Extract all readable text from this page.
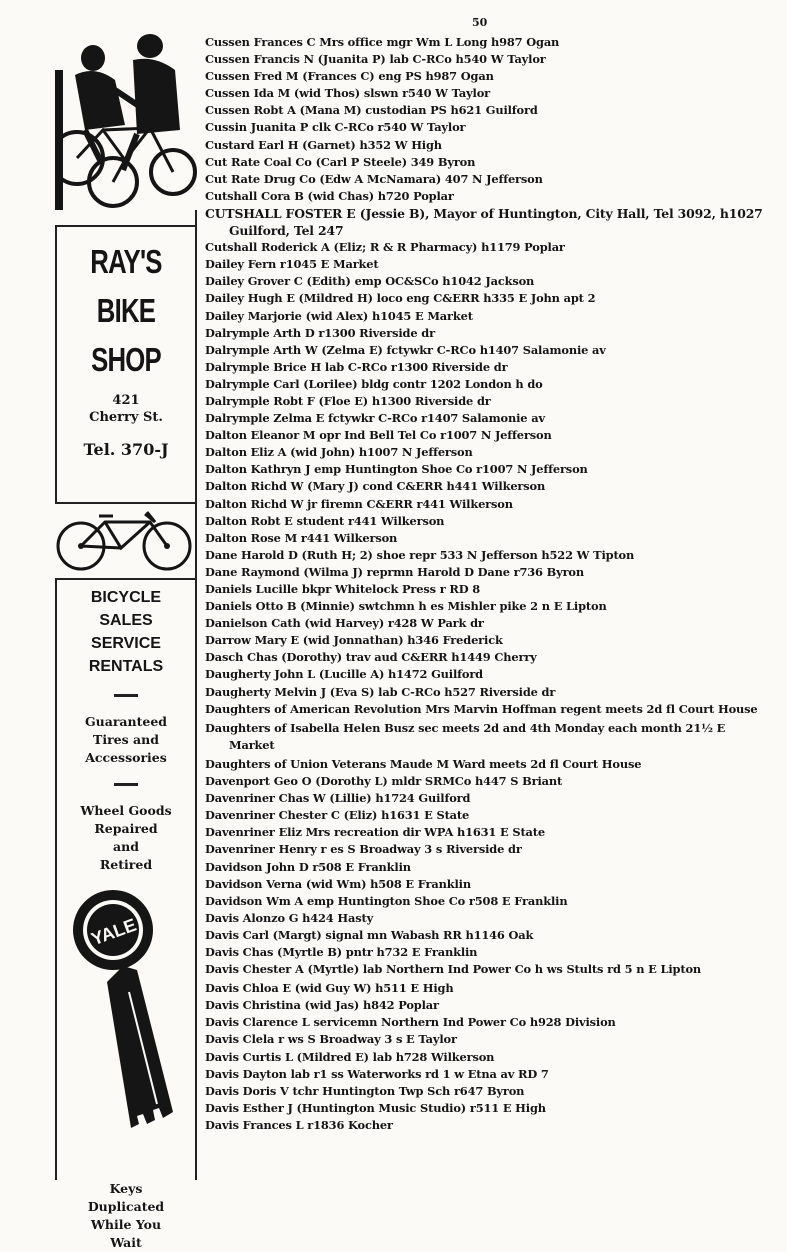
50
RAY'S
BIKE
SHOP
421
Cherry St.
Tel. 370-J
BICYCLE
SALES
SERVICE
RENTALS
Guaranteed
Tires and
Accessories
Wheel Goods
Repaired
and
Retired
YALE
Keys
Duplicated
While You
Wait
Cussen Frances C Mrs office mgr Wm L Long h987 Ogan
Cussen Francis N (Juanita P) lab C-RCo h540 W Taylor
Cussen Fred M (Frances C) eng PS h987 Ogan
Cussen Ida M (wid Thos) slswn r540 W Taylor
Cussen Robt A (Mana M) custodian PS h621 Guilford
Cussin Juanita P clk C-RCo r540 W Taylor
Custard Earl H (Garnet) h352 W High
Cut Rate Coal Co (Carl P Steele) 349 Byron
Cut Rate Drug Co (Edw A McNamara) 407 N Jefferson
Cutshall Cora B (wid Chas) h720 Poplar
CUTSHALL FOSTER E (Jessie B), Mayor of Huntington, City Hall, Tel 3092, h1027 Guilford, Tel 247
Cutshall Roderick A (Eliz; R & R Pharmacy) h1179 Poplar
Dailey Fern r1045 E Market
Dailey Grover C (Edith) emp OC&SCo h1042 Jackson
Dailey Hugh E (Mildred H) loco eng C&ERR h335 E John apt 2
Dailey Marjorie (wid Alex) h1045 E Market
Dalrymple Arth D r1300 Riverside dr
Dalrymple Arth W (Zelma E) fctywkr C-RCo h1407 Salamonie av
Dalrymple Brice H lab C-RCo r1300 Riverside dr
Dalrymple Carl (Lorilee) bldg contr 1202 London h do
Dalrymple Robt F (Floe E) h1300 Riverside dr
Dalrymple Zelma E fctywkr C-RCo r1407 Salamonie av
Dalton Eleanor M opr Ind Bell Tel Co r1007 N Jefferson
Dalton Eliz A (wid John) h1007 N Jefferson
Dalton Kathryn J emp Huntington Shoe Co r1007 N Jefferson
Dalton Richd W (Mary J) cond C&ERR h441 Wilkerson
Dalton Richd W jr firemn C&ERR r441 Wilkerson
Dalton Robt E student r441 Wilkerson
Dalton Rose M r441 Wilkerson
Dane Harold D (Ruth H; 2) shoe repr 533 N Jefferson h522 W Tipton
Dane Raymond (Wilma J) reprmn Harold D Dane r736 Byron
Daniels Lucille bkpr Whitelock Press r RD 8
Daniels Otto B (Minnie) swtchmn h es Mishler pike 2 n E Lipton
Danielson Cath (wid Harvey) r428 W Park dr
Darrow Mary E (wid Jonnathan) h346 Frederick
Dasch Chas (Dorothy) trav aud C&ERR h1449 Cherry
Daugherty John L (Lucille A) h1472 Guilford
Daugherty Melvin J (Eva S) lab C-RCo h527 Riverside dr
Daughters of American Revolution Mrs Marvin Hoffman regent meets 2d fl Court House
Daughters of Isabella Helen Busz sec meets 2d and 4th Monday each month 21½ E Market
Daughters of Union Veterans Maude M Ward meets 2d fl Court House
Davenport Geo O (Dorothy L) mldr SRMCo h447 S Briant
Davenriner Chas W (Lillie) h1724 Guilford
Davenriner Chester C (Eliz) h1631 E State
Davenriner Eliz Mrs recreation dir WPA h1631 E State
Davenriner Henry r es S Broadway 3 s Riverside dr
Davidson John D r508 E Franklin
Davidson Verna (wid Wm) h508 E Franklin
Davidson Wm A emp Huntington Shoe Co r508 E Franklin
Davis Alonzo G h424 Hasty
Davis Carl (Margt) signal mn Wabash RR h1146 Oak
Davis Chas (Myrtle B) pntr h732 E Franklin
Davis Chester A (Myrtle) lab Northern Ind Power Co h ws Stults rd 5 n E Lipton
Davis Chloa E (wid Guy W) h511 E High
Davis Christina (wid Jas) h842 Poplar
Davis Clarence L servicemn Northern Ind Power Co h928 Division
Davis Clela r ws S Broadway 3 s E Taylor
Davis Curtis L (Mildred E) lab h728 Wilkerson
Davis Dayton lab r1 ss Waterworks rd 1 w Etna av RD 7
Davis Doris V tchr Huntington Twp Sch r647 Byron
Davis Esther J (Huntington Music Studio) r511 E High
Davis Frances L r1836 Kocher
